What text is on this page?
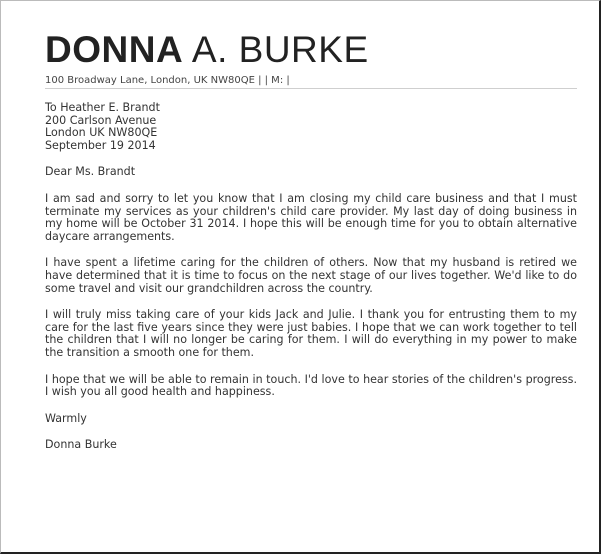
DONNA A. BURKE
100 Broadway Lane, London, UK NW80QE | | M: |
To Heather E. Brandt
200 Carlson Avenue
London UK NW80QE
September 19 2014
Dear Ms. Brandt
I am sad and sorry to let you know that I am closing my child care business and that I must terminate my services as your children's child care provider. My last day of doing business in my home will be October 31 2014. I hope this will be enough time for you to obtain alternative daycare arrangements.
I have spent a lifetime caring for the children of others. Now that my husband is retired we have determined that it is time to focus on the next stage of our lives together. We'd like to do some travel and visit our grandchildren across the country.
I will truly miss taking care of your kids Jack and Julie. I thank you for entrusting them to my care for the last five years since they were just babies. I hope that we can work together to tell the children that I will no longer be caring for them. I will do everything in my power to make the transition a smooth one for them.
I hope that we will be able to remain in touch. I'd love to hear stories of the children's progress. I wish you all good health and happiness.
Warmly
Donna Burke
